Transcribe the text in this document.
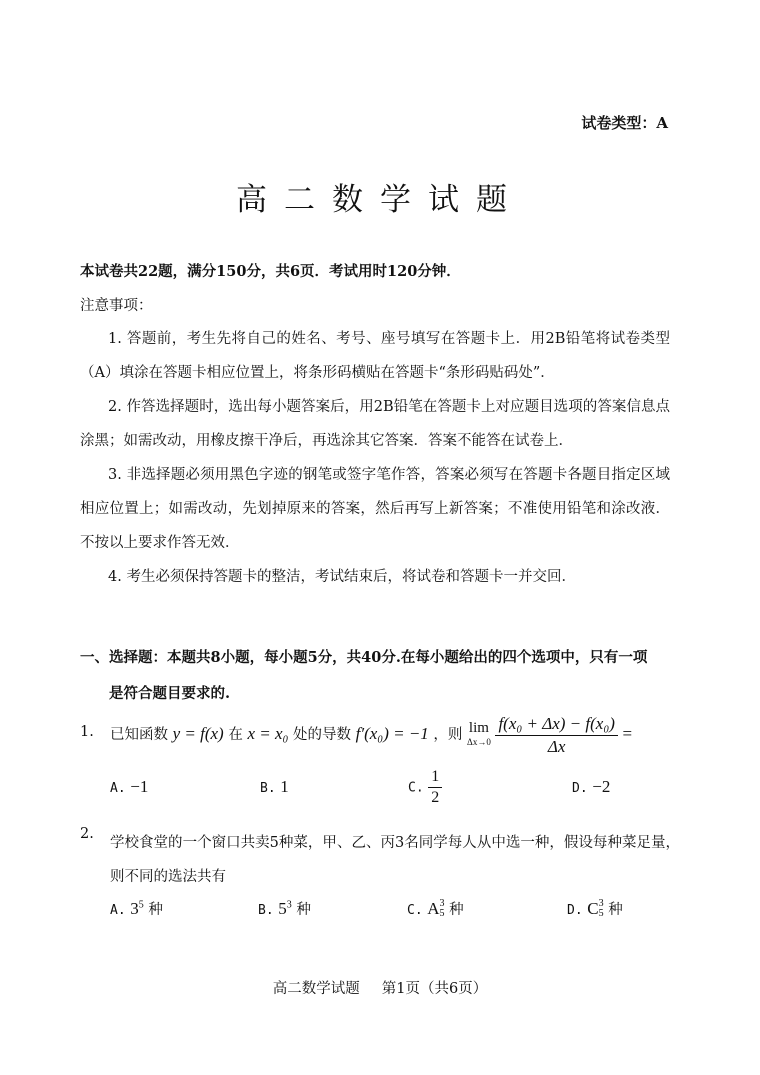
试卷类型：A
高二数学试题
本试卷共22题，满分150分，共6页．考试用时120分钟．
注意事项：
1. 答题前，考生先将自己的姓名、考号、座号填写在答题卡上．用2B铅笔将试卷类型（A）填涂在答题卡相应位置上，将条形码横贴在答题卡“条形码贴码处”．
2. 作答选择题时，选出每小题答案后，用2B铅笔在答题卡上对应题目选项的答案信息点涂黑；如需改动，用橡皮擦干净后，再选涂其它答案．答案不能答在试卷上．
3. 非选择题必须用黑色字迹的钢笔或签字笔作答，答案必须写在答题卡各题目指定区域相应位置上；如需改动，先划掉原来的答案，然后再写上新答案；不准使用铅笔和涂改液．不按以上要求作答无效．
4. 考生必须保持答题卡的整洁，考试结束后，将试卷和答题卡一并交回．
一、选择题：本题共8小题，每小题5分，共40分.在每小题给出的四个选项中，只有一项
是符合题目要求的.
1. 已知函数 y = f(x) 在 x = x₀ 处的导数 f′(x₀) = −1 ，则 lim
Δx→0
$\frac{\text{f(x₀ + Δx) − f(x₀)}}{\Delta x}$ =
A. −1	B. 1	C. $\frac{1}{2}$	D. −2
2.
学校食堂的一个窗口共卖5种菜，甲、乙、丙3名同学每人从中选一种，假设每种菜足量，则不同的选法共有
A. $3^5$ 种	B. $5^3$ 种	C. A 3
5 种	D. C 3
5 种
高二数学试题 第1页（共6页）
